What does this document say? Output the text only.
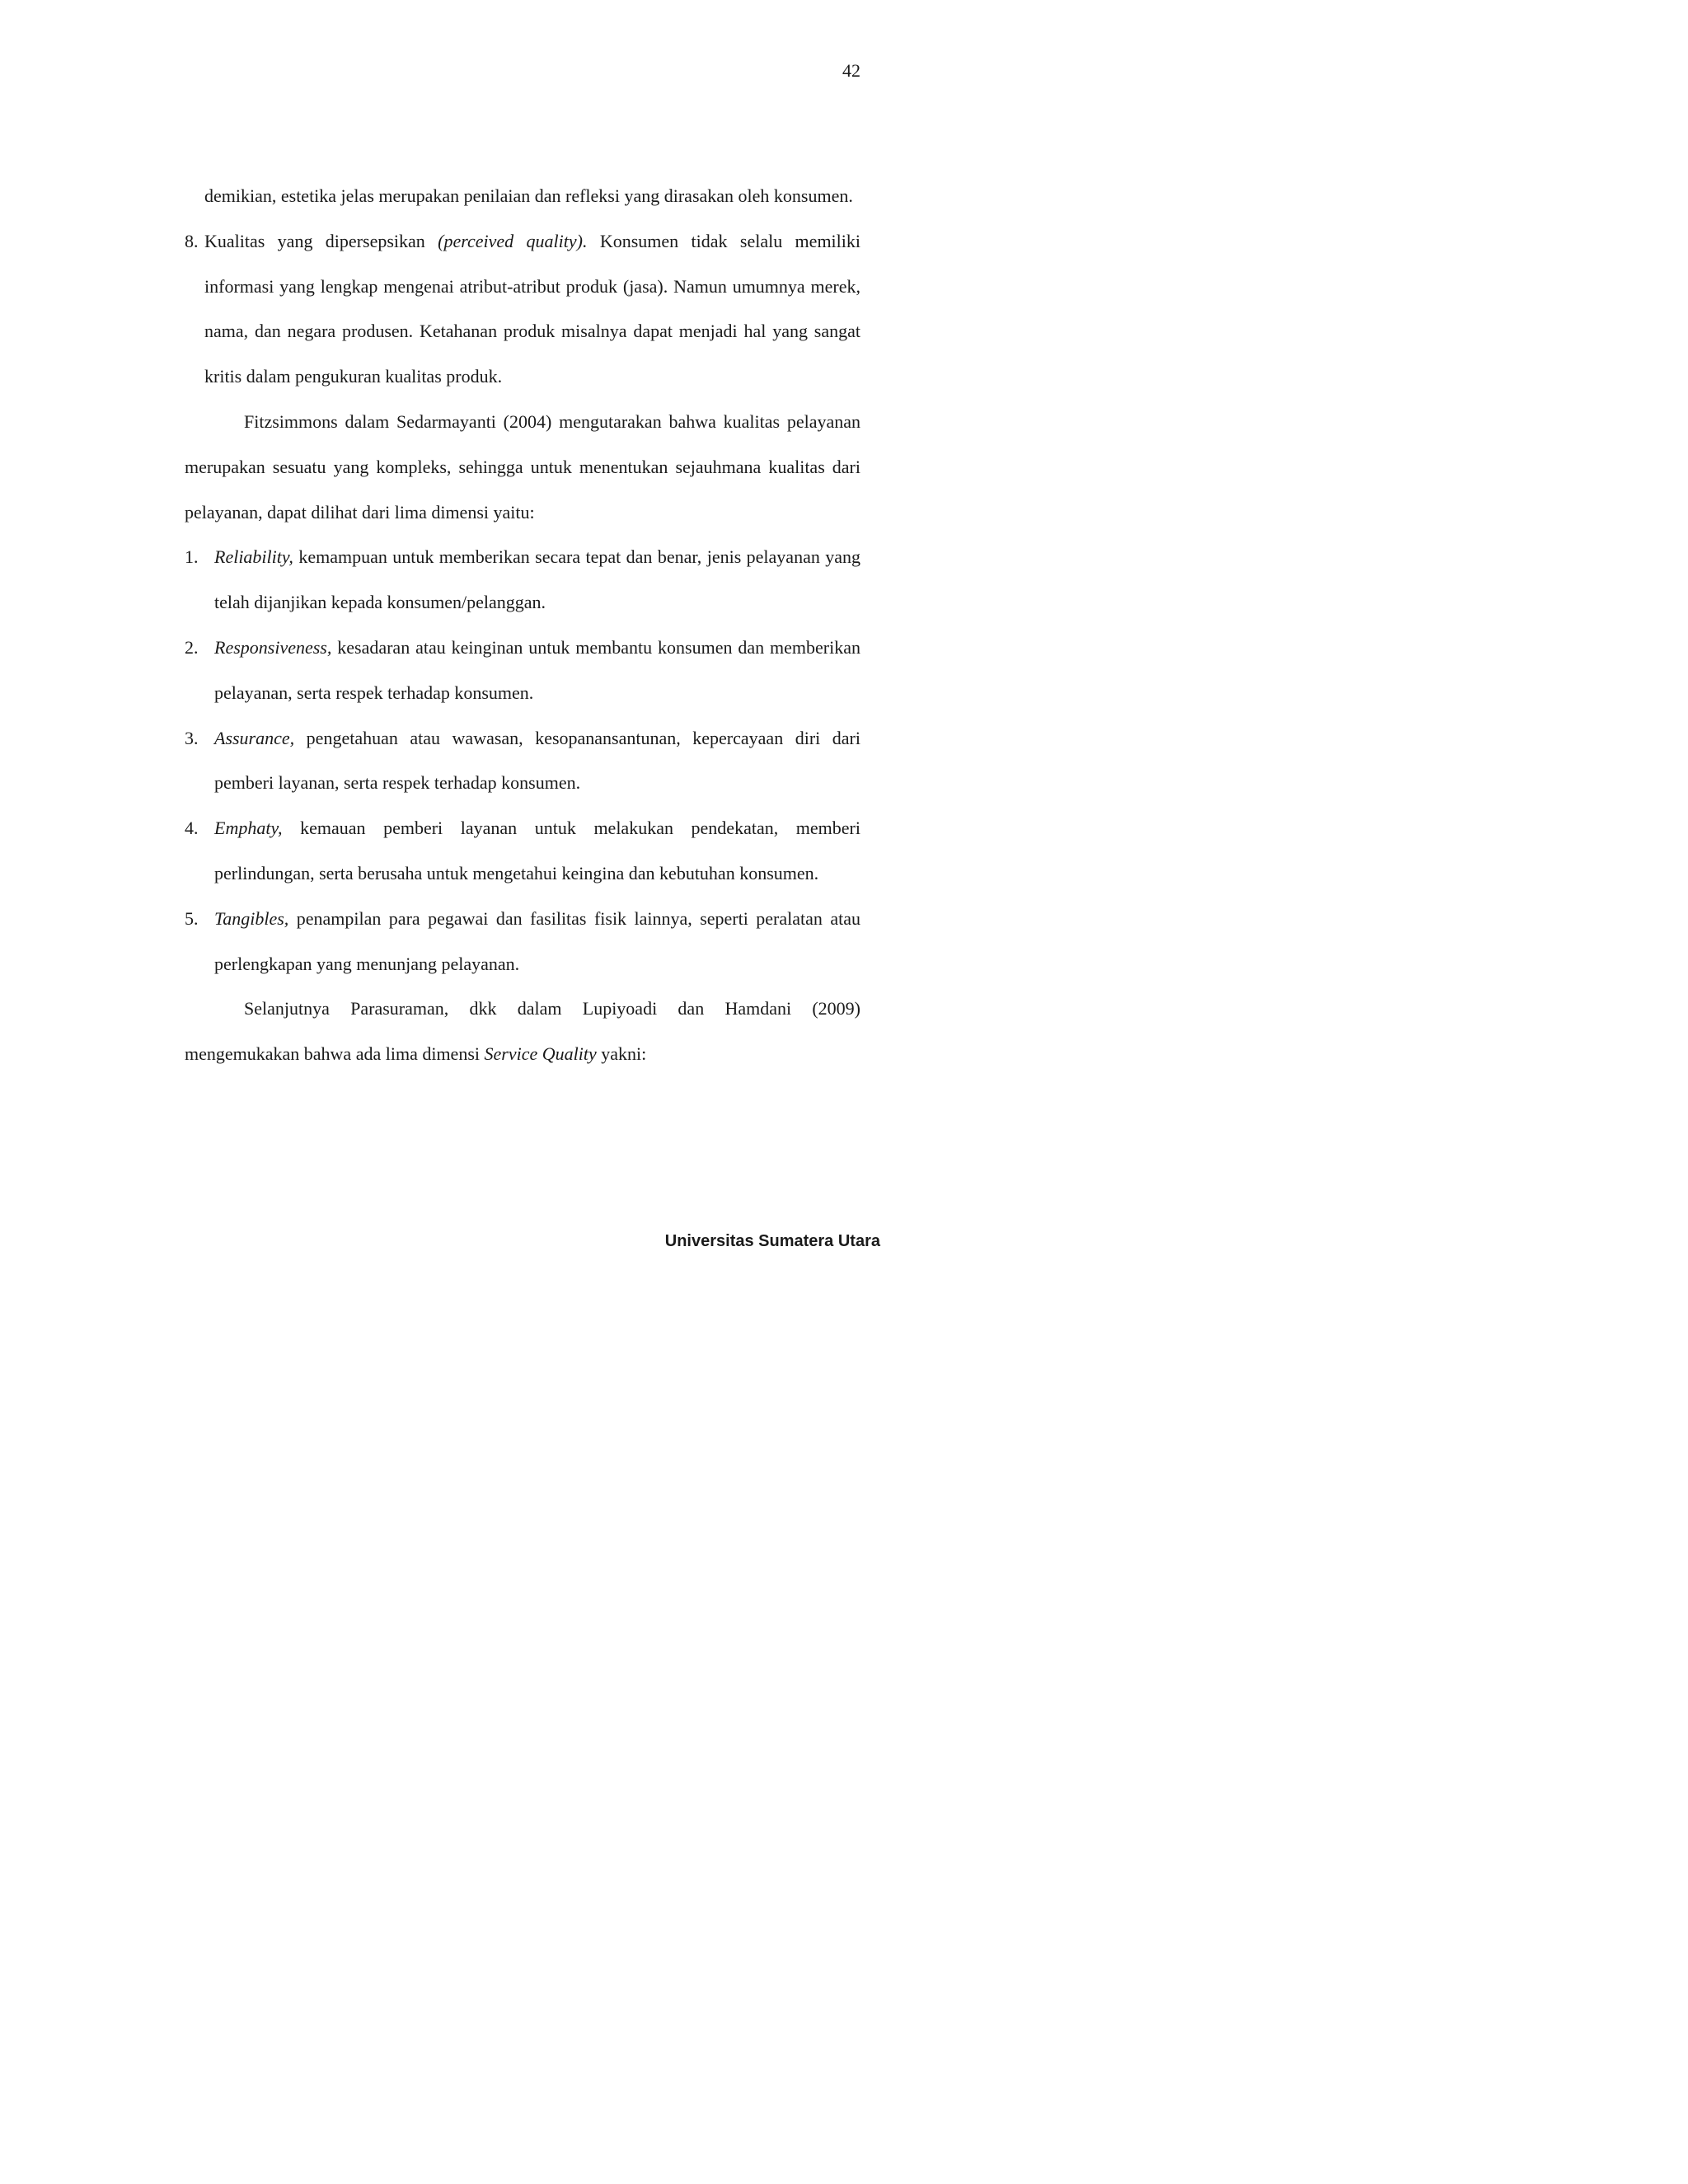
42

demikian, estetika jelas merupakan penilaian dan refleksi yang dirasakan oleh konsumen.

8. Kualitas yang dipersepsikan (perceived quality). Konsumen tidak selalu memiliki informasi yang lengkap mengenai atribut-atribut produk (jasa). Namun umumnya merek, nama, dan negara produsen. Ketahanan produk misalnya dapat menjadi hal yang sangat kritis dalam pengukuran kualitas produk.

Fitzsimmons dalam Sedarmayanti (2004) mengutarakan bahwa kualitas pelayanan merupakan sesuatu yang kompleks, sehingga untuk menentukan sejauhmana kualitas dari pelayanan, dapat dilihat dari lima dimensi yaitu:

1. Reliability, kemampuan untuk memberikan secara tepat dan benar, jenis pelayanan yang telah dijanjikan kepada konsumen/pelanggan.
2. Responsiveness, kesadaran atau keinginan untuk membantu konsumen dan memberikan pelayanan, serta respek terhadap konsumen.
3. Assurance, pengetahuan atau wawasan, kesopanansantunan, kepercayaan diri dari pemberi layanan, serta respek terhadap konsumen.
4. Emphaty, kemauan pemberi layanan untuk melakukan pendekatan, memberi perlindungan, serta berusaha untuk mengetahui keingina dan kebutuhan konsumen.
5. Tangibles, penampilan para pegawai dan fasilitas fisik lainnya, seperti peralatan atau perlengkapan yang menunjang pelayanan.

Selanjutnya Parasuraman, dkk dalam Lupiyoadi dan Hamdani (2009) mengemukakan bahwa ada lima dimensi Service Quality yakni:

Universitas Sumatera Utara
